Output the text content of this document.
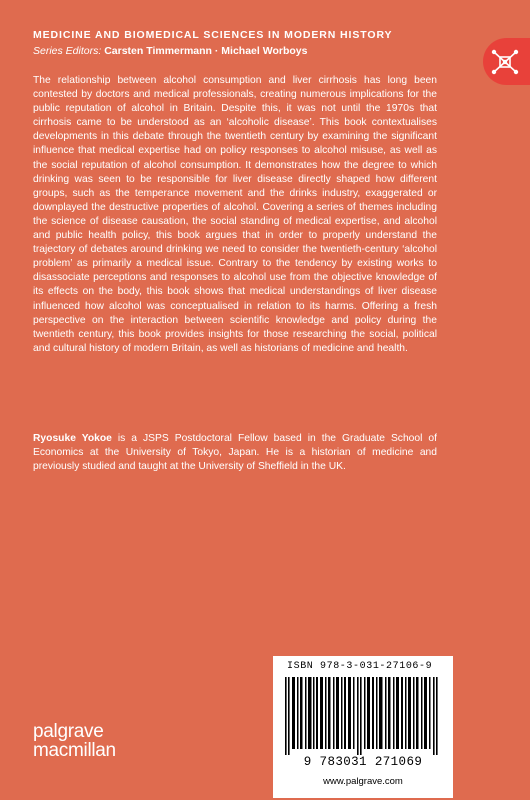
MEDICINE AND BIOMEDICAL SCIENCES IN MODERN HISTORY
Series Editors: Carsten Timmermann · Michael Worboys

The relationship between alcohol consumption and liver cirrhosis has long been contested by doctors and medical professionals, creating numerous implications for the public reputation of alcohol in Britain. Despite this, it was not until the 1970s that cirrhosis came to be understood as an ‘alcoholic disease’. This book contextualises developments in this debate through the twentieth century by examining the significant influence that medical expertise had on policy responses to alcohol misuse, as well as the social reputation of alcohol consumption. It demonstrates how the degree to which drinking was seen to be responsible for liver disease directly shaped how different groups, such as the temperance movement and the drinks industry, exaggerated or downplayed the destructive properties of alcohol. Covering a series of themes including the science of disease causation, the social standing of medical expertise, and alcohol and public health policy, this book argues that in order to properly understand the trajectory of debates around drinking we need to consider the twentieth-century ‘alcohol problem’ as primarily a medical issue. Contrary to the tendency by existing works to disassociate perceptions and responses to alcohol use from the objective knowledge of its effects on the body, this book shows that medical understandings of liver disease influenced how alcohol was conceptualised in relation to its harms. Offering a fresh perspective on the interaction between scientific knowledge and policy during the twentieth century, this book provides insights for those researching the social, political and cultural history of modern Britain, as well as historians of medicine and health.

Ryosuke Yokoe is a JSPS Postdoctoral Fellow based in the Graduate School of Economics at the University of Tokyo, Japan. He is a historian of medicine and previously studied and taught at the University of Sheffield in the UK.

ISBN 978-3-031-27106-9
9 783031 271069
www.palgrave.com
palgrave
macmillan
